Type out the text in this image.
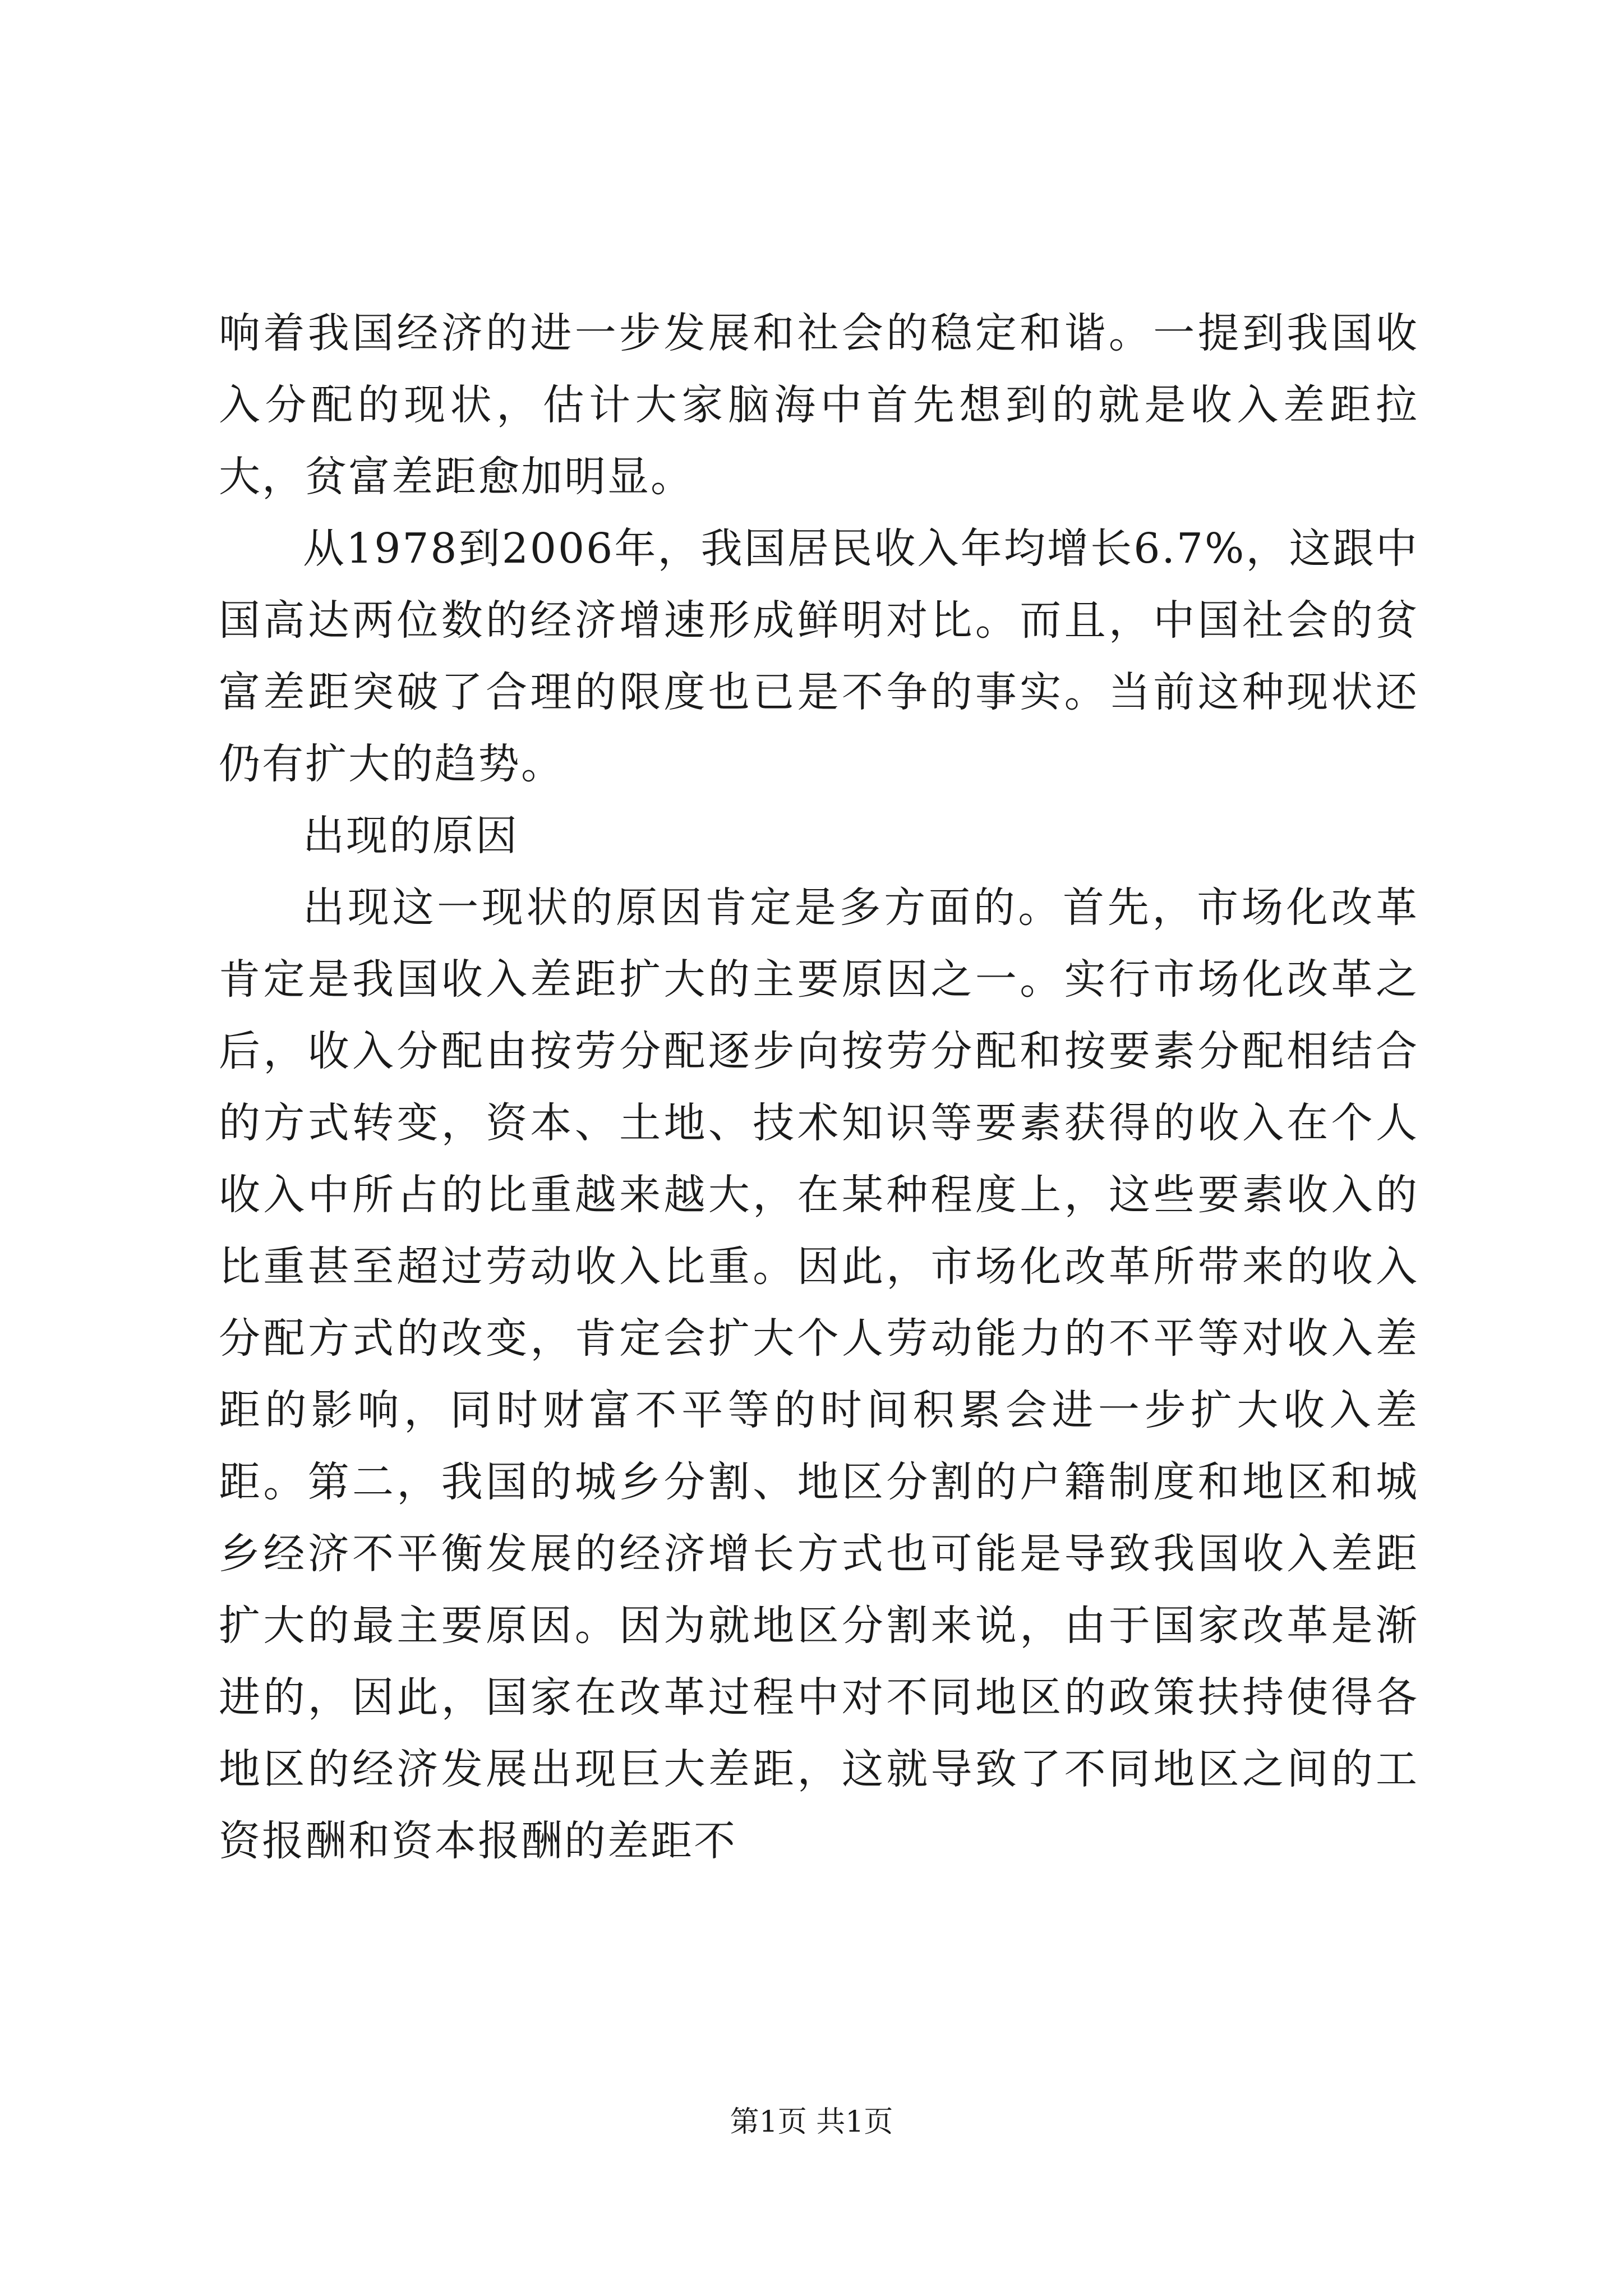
响着我国经济的进一步发展和社会的稳定和谐。一提到我国收入分配的现状，估计大家脑海中首先想到的就是收入差距拉大，贫富差距愈加明显。

从1978到2006年，我国居民收入年均增长6.7%，这跟中国高达两位数的经济增速形成鲜明对比。而且，中国社会的贫富差距突破了合理的限度也已是不争的事实。当前这种现状还仍有扩大的趋势。

出现的原因

出现这一现状的原因肯定是多方面的。首先，市场化改革肯定是我国收入差距扩大的主要原因之一。实行市场化改革之后，收入分配由按劳分配逐步向按劳分配和按要素分配相结合的方式转变，资本、土地、技术知识等要素获得的收入在个人收入中所占的比重越来越大，在某种程度上，这些要素收入的比重甚至超过劳动收入比重。因此，市场化改革所带来的收入分配方式的改变，肯定会扩大个人劳动能力的不平等对收入差距的影响，同时财富不平等的时间积累会进一步扩大收入差距。第二，我国的城乡分割、地区分割的户籍制度和地区和城乡经济不平衡发展的经济增长方式也可能是导致我国收入差距扩大的最主要原因。因为就地区分割来说，由于国家改革是渐进的，因此，国家在改革过程中对不同地区的政策扶持使得各地区的经济发展出现巨大差距，这就导致了不同地区之间的工资报酬和资本报酬的差距不

第1页 共1页
